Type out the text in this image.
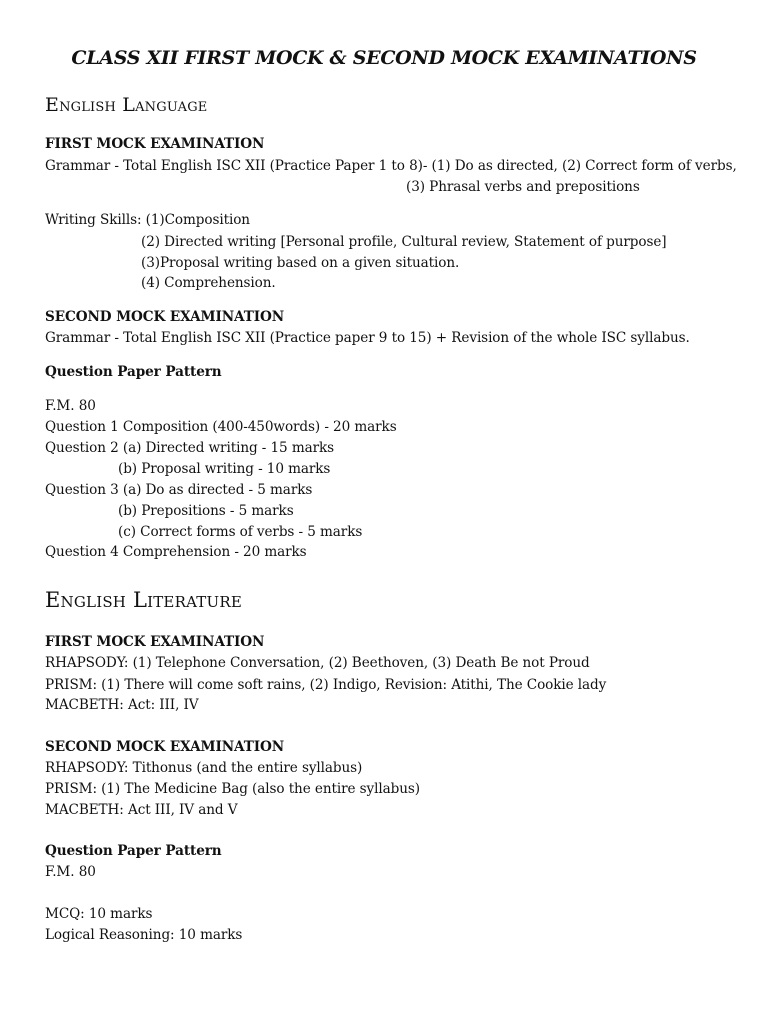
CLASS XII FIRST MOCK & SECOND MOCK EXAMINATIONS
English Language
FIRST MOCK EXAMINATION
Grammar - Total English ISC XII (Practice Paper 1 to 8)- (1) Do as directed, (2) Correct form of verbs,
(3) Phrasal verbs and prepositions
Writing Skills: (1)Composition
(2) Directed writing [Personal profile, Cultural review, Statement of purpose]
(3)Proposal writing based on a given situation.
(4) Comprehension.
SECOND MOCK EXAMINATION
Grammar - Total English ISC XII (Practice paper 9 to 15) + Revision of the whole ISC syllabus.
Question Paper Pattern
F.M. 80
Question 1 Composition (400-450words) - 20 marks
Question 2 (a) Directed writing - 15 marks
(b) Proposal writing - 10 marks
Question 3 (a) Do as directed - 5 marks
(b) Prepositions - 5 marks
(c) Correct forms of verbs - 5 marks
Question 4 Comprehension - 20 marks
English Literature
FIRST MOCK EXAMINATION
RHAPSODY: (1) Telephone Conversation, (2) Beethoven, (3) Death Be not Proud
PRISM: (1) There will come soft rains, (2) Indigo, Revision: Atithi, The Cookie lady
MACBETH: Act: III, IV
SECOND MOCK EXAMINATION
RHAPSODY: Tithonus (and the entire syllabus)
PRISM: (1) The Medicine Bag (also the entire syllabus)
MACBETH: Act III, IV and V
Question Paper Pattern
F.M. 80
MCQ: 10 marks
Logical Reasoning: 10 marks
